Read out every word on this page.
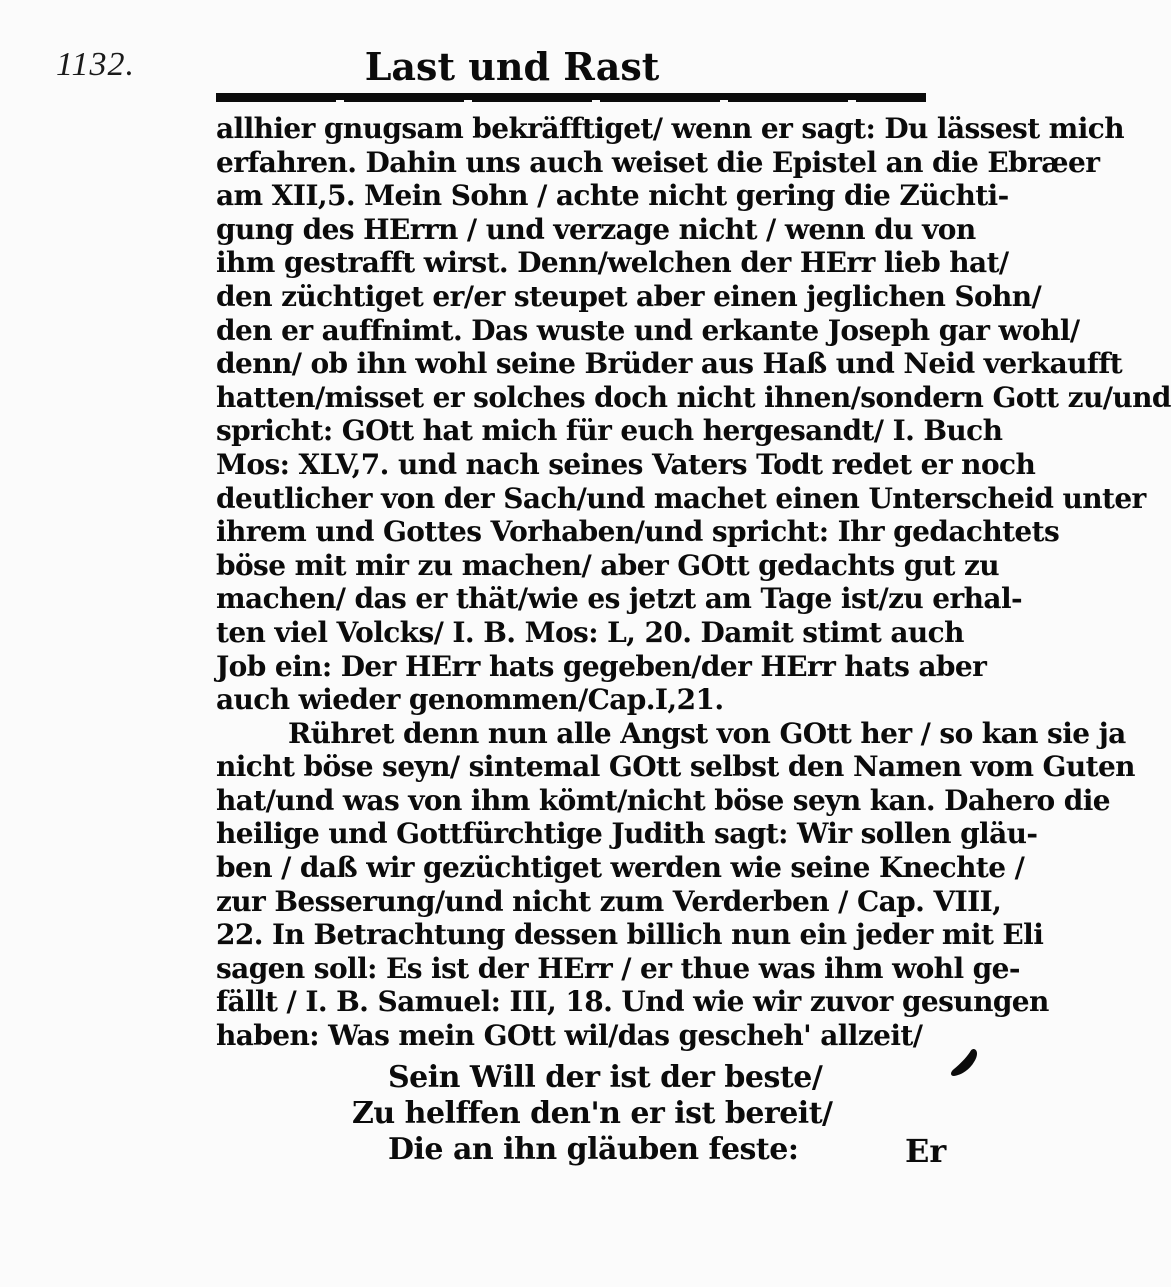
1132.	Last und Rast
allhier gnugsam bekräfftiget/ wenn er sagt: Du lässest mich
erfahren. Dahin uns auch weiset die Epistel an die Ebræer
am XII,5. Mein Sohn / achte nicht gering die Züchti-
gung des HErrn / und verzage nicht / wenn du von
ihm gestrafft wirst. Denn/welchen der HErr lieb hat/
den züchtiget er/er steupet aber einen jeglichen Sohn/
den er auffnimt. Das wuste und erkante Joseph gar wohl/
denn/ ob ihn wohl seine Brüder aus Haß und Neid verkaufft
hatten/misset er solches doch nicht ihnen/sondern Gott zu/und
spricht: GOtt hat mich für euch hergesandt/ I. Buch
Mos: XLV,7. und nach seines Vaters Todt redet er noch
deutlicher von der Sach/und machet einen Unterscheid unter
ihrem und Gottes Vorhaben/und spricht: Ihr gedachtets
böse mit mir zu machen/ aber GOtt gedachts gut zu
machen/ das er thät/wie es jetzt am Tage ist/zu erhal-
ten viel Volcks/ I. B. Mos: L, 20. Damit stimt auch
Job ein: Der HErr hats gegeben/der HErr hats aber
auch wieder genommen/Cap.I,21.
Rühret denn nun alle Angst von GOtt her / so kan sie ja
nicht böse seyn/ sintemal GOtt selbst den Namen vom Guten
hat/und was von ihm kömt/nicht böse seyn kan. Dahero die
heilige und Gottfürchtige Judith sagt: Wir sollen gläu-
ben / daß wir gezüchtiget werden wie seine Knechte /
zur Besserung/und nicht zum Verderben / Cap. VIII,
22. In Betrachtung dessen billich nun ein jeder mit Eli
sagen soll: Es ist der HErr / er thue was ihm wohl ge-
fällt / I. B. Samuel: III, 18. Und wie wir zuvor gesungen
haben: Was mein GOtt wil/das gescheh' allzeit/
Sein Will der ist der beste/
Zu helffen den'n er ist bereit/
Die an ihn gläuben feste:	Er
